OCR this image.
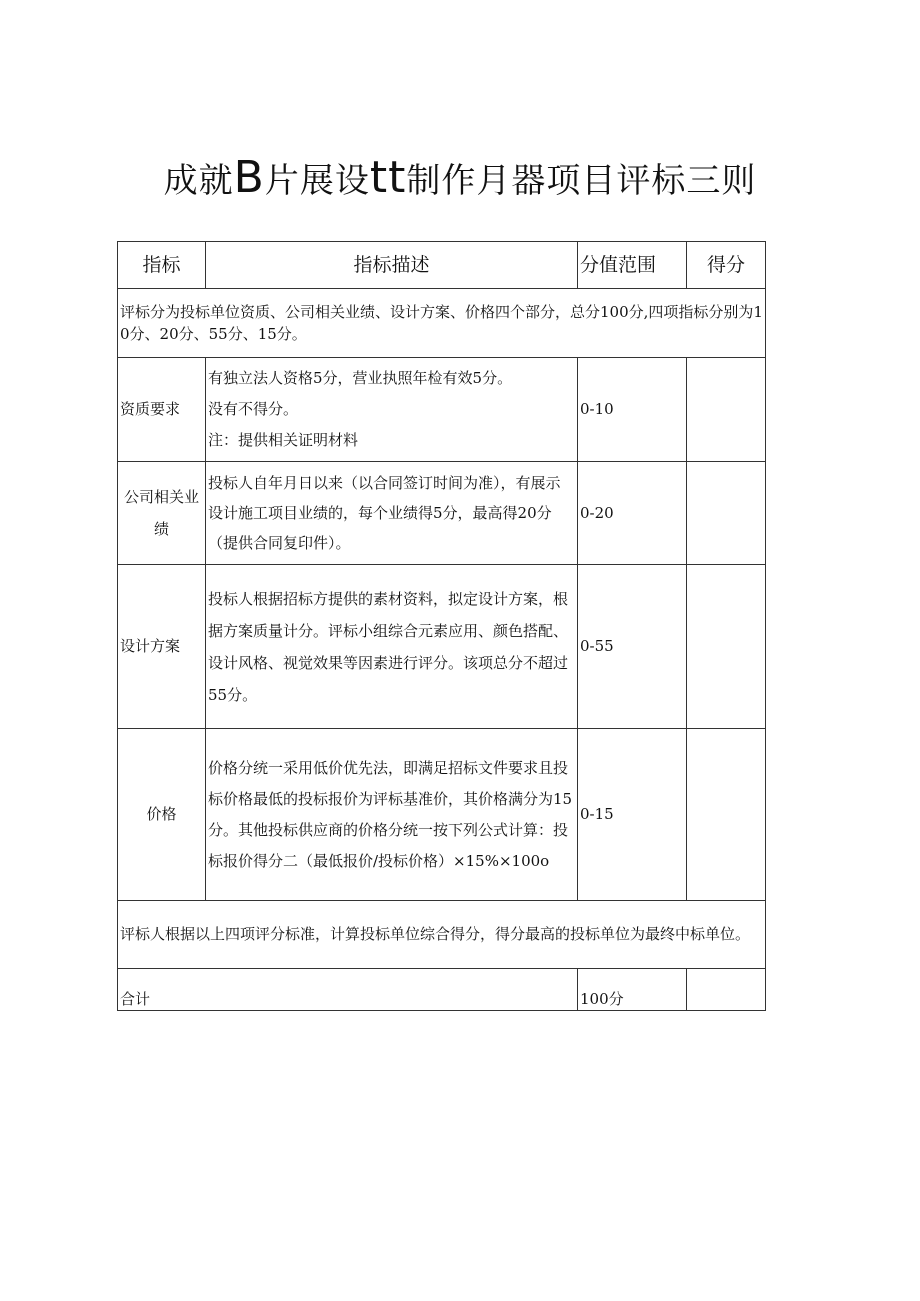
成就B片展设tt制作月器项目评标三则
指标	指标描述	分值范围	得分
评标分为投标单位资质、公司相关业绩、设计方案、价格四个部分，总分100分,四项指标分别为10分、20分、55分、15分。			
资质要求	有独立法人资格5分，营业执照年检有效5分。
没有不得分。
注：提供相关证明材料	0-10	
公司相关业绩	投标人自年月日以来（以合同签订时间为准），有展示设计施工项目业绩的，每个业绩得5分，最高得20分（提供合同复印件）。	0-20	
设计方案	投标人根据招标方提供的素材资料，拟定设计方案，根据方案质量计分。评标小组综合元素应用、颜色搭配、设计风格、视觉效果等因素进行评分。该项总分不超过55分。	0-55	
价格	价格分统一采用低价优先法，即满足招标文件要求且投标价格最低的投标报价为评标基准价，其价格满分为15分。其他投标供应商的价格分统一按下列公式计算：投标报价得分二（最低报价/投标价格）×15%×100o	0-15	
评标人根据以上四项评分标准，计算投标单位综合得分，得分最高的投标单位为最终中标单位。			
合计		100分	
